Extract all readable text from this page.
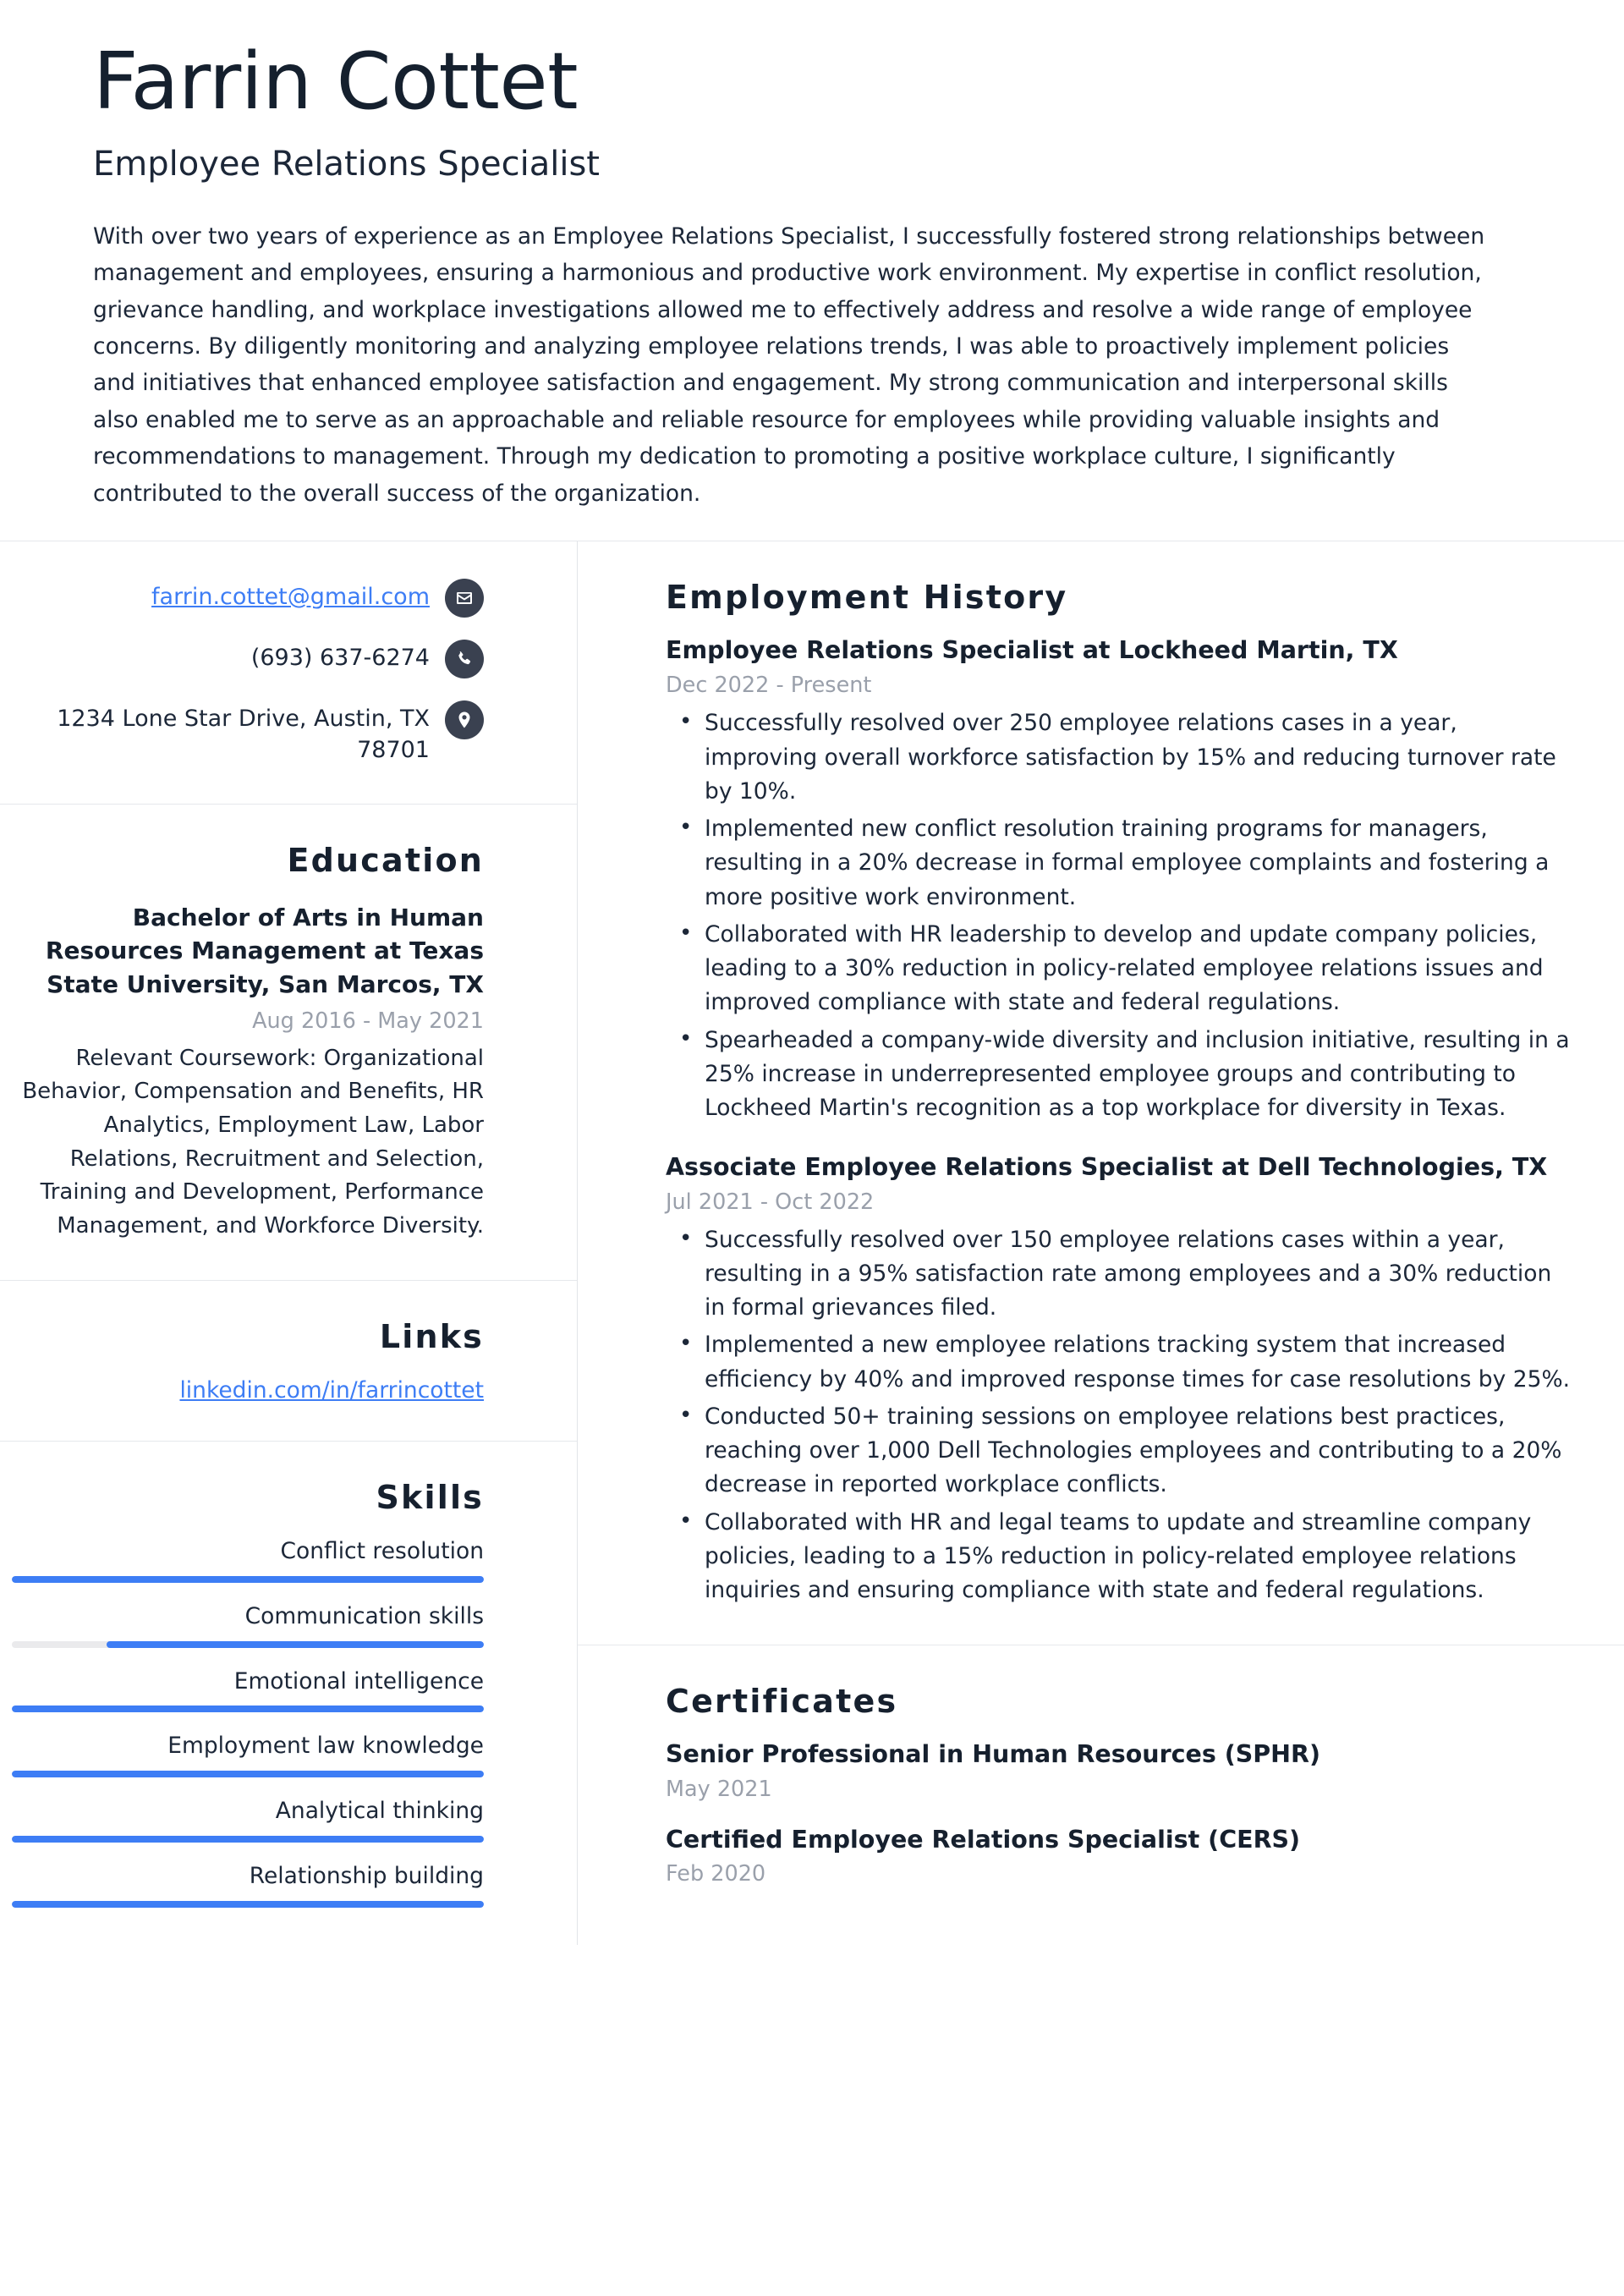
Farrin Cottet
Employee Relations Specialist

With over two years of experience as an Employee Relations Specialist, I successfully fostered strong relationships between management and employees, ensuring a harmonious and productive work environment. My expertise in conflict resolution, grievance handling, and workplace investigations allowed me to effectively address and resolve a wide range of employee concerns. By diligently monitoring and analyzing employee relations trends, I was able to proactively implement policies and initiatives that enhanced employee satisfaction and engagement. My strong communication and interpersonal skills also enabled me to serve as an approachable and reliable resource for employees while providing valuable insights and recommendations to management. Through my dedication to promoting a positive workplace culture, I significantly contributed to the overall success of the organization.

farrin.cottet@gmail.com
(693) 637-6274
1234 Lone Star Drive, Austin, TX 78701
Education
Bachelor of Arts in Human Resources Management at Texas State University, San Marcos, TX
Aug 2016 - May 2021
Relevant Coursework: Organizational Behavior, Compensation and Benefits, HR Analytics, Employment Law, Labor Relations, Recruitment and Selection, Training and Development, Performance Management, and Workforce Diversity.
Links
linkedin.com/in/farrincottet
Skills
Conflict resolution
Communication skills
Emotional intelligence
Employment law knowledge
Analytical thinking
Relationship building
Employment History
Employee Relations Specialist at Lockheed Martin, TX
Dec 2022 - Present
• Successfully resolved over 250 employee relations cases in a year, improving overall workforce satisfaction by 15% and reducing turnover rate by 10%.
• Implemented new conflict resolution training programs for managers, resulting in a 20% decrease in formal employee complaints and fostering a more positive work environment.
• Collaborated with HR leadership to develop and update company policies, leading to a 30% reduction in policy-related employee relations issues and improved compliance with state and federal regulations.
• Spearheaded a company-wide diversity and inclusion initiative, resulting in a 25% increase in underrepresented employee groups and contributing to Lockheed Martin's recognition as a top workplace for diversity in Texas.
Associate Employee Relations Specialist at Dell Technologies, TX
Jul 2021 - Oct 2022
• Successfully resolved over 150 employee relations cases within a year, resulting in a 95% satisfaction rate among employees and a 30% reduction in formal grievances filed.
• Implemented a new employee relations tracking system that increased efficiency by 40% and improved response times for case resolutions by 25%.
• Conducted 50+ training sessions on employee relations best practices, reaching over 1,000 Dell Technologies employees and contributing to a 20% decrease in reported workplace conflicts.
• Collaborated with HR and legal teams to update and streamline company policies, leading to a 15% reduction in policy-related employee relations inquiries and ensuring compliance with state and federal regulations.
Certificates
Senior Professional in Human Resources (SPHR)
May 2021
Certified Employee Relations Specialist (CERS)
Feb 2020
